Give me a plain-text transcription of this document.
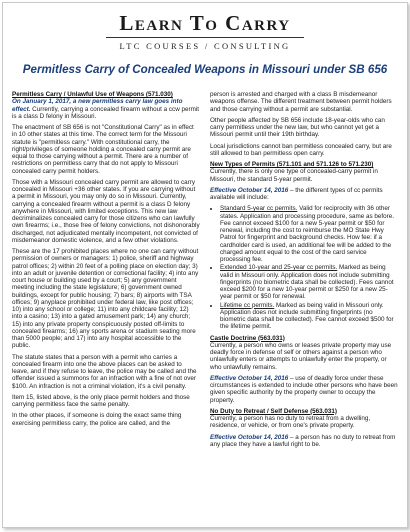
Learn To Carry
LTC COURSES / CONSULTING
Permitless Carry of Concealed Weapons in Missouri under SB 656

Permitless Carry / Unlawful Use of Weapons (571.030)
On January 1, 2017, a new permitless carry law goes into effect. Currently, carrying a concealed firearm without a ccw permit is a class D felony in Missouri.

The enactment of SB 656 is not "Constitutional Carry" as in effect in 10 other states at this time. The correct term for the Missouri statute is "permitless carry." With constitutional carry, the right/privileges of someone holding a concealed carry permit are equal to those carrying without a permit. There are a number of restrictions on permitless carry that do not apply to Missouri concealed carry permit holders.

Those with a Missouri concealed carry permit are allowed to carry concealed in Missouri +36 other states. If you are carrying without a permit in Missouri, you may only do so in Missouri. Currently, carrying a concealed firearm without a permit is a class D felony anywhere in Missouri, with limited exceptions. This new law decriminalizes concealed carry for those citizens who can lawfully own firearms; i.e., those free of felony convictions, not dishonorably discharged, not adjudicated mentally incompetent, not convicted of misdemeanor domestic violence, and a few other violations.

These are the 17 prohibited places where no one can carry without permission of owners or managers: 1) police, sheriff and highway patrol offices; 2) within 20 feet of a polling place on election day; 3) into an adult or juvenile detention or correctional facility; 4) into any court house or building used by a court; 5) any government meeting including the state legislature; 6) government owned buildings, except for public housing; 7) bars; 8) airports with TSA offices; 9) anyplace prohibited under federal law, like post offices; 10) into any school or college; 11) into any childcare facility; 12) into a casino; 13) into a gated amusement park; 14) any church; 15) into any private property conspicuously posted off-limits to concealed firearms; 16) any sports arena or stadium seating more than 5000 people; and 17) into any hospital accessible to the public.

The statute states that a person with a permit who carries a concealed firearm into one the above places can be asked to leave, and if they refuse to leave, the police may be called and the offender issued a summons for an infraction with a fine of not over $100. An infraction is not a criminal violation, it's a civil penalty.

Item 15, listed above, is the only place permit holders and those carrying permitless face the same penalty.

In the other places, if someone is doing the exact same thing exercising permitless carry, the police are called, and the

person is arrested and charged with a class B misdemeanor weapons offense. The different treatment between permit holders and those carrying without a permit are substantial.

Other people affected by SB 656 include 18-year-olds who can carry permitless under the new law, but who cannot yet get a Missouri permit until their 19th birthday.

Local jurisdictions cannot ban permitless concealed carry, but are still allowed to ban permitless open carry.

New Types of Permits (571.101 and 571.126 to 571.230)
Currently, there is only one type of concealed-carry permit in Missouri, the standard 5-year permit.

Effective October 14, 2016 – the different types of cc permits available will include:

• Standard 5-year cc permits. Valid for reciprocity with 36 other states. Application and processing procedure, same as before. Fee cannot exceed $100 for a new 5-year permit or $50 for renewal, including the cost to reimburse the MO State Hwy Patrol for fingerprint and background checks. How fee: if a cardholder card is used, an additional fee will be added to the charged amount equal to the cost of the card service processing fee.
• Extended 10-year and 25-year cc permits. Marked as being valid in Missouri only. Application does not include submitting fingerprints (no biometric data shall be collected). Fees cannot exceed $200 for a new 10-year permit or $250 for a new 25-year permit or $50 for renewal.
• Lifetime cc permits. Marked as being valid in Missouri only. Application does not include submitting fingerprints (no biometric data shall be collected). Fee cannot exceed $500 for the lifetime permit.

Castle Doctrine (563.031)
Currently, a person who owns or leases private property may use deadly force in defense of self or others against a person who unlawfully enters or attempts to unlawfully enter the property, or who unlawfully remains.

Effective October 14, 2016 – use of deadly force under these circumstances is extended to include other persons who have been given specific authority by the property owner to occupy the property.

No Duty to Retreat / Self Defense (563.031)
Currently, a person has no duty to retreat from a dwelling, residence, or vehicle, or from one's private property.

Effective October 14, 2016 – a person has no duty to retreat from any place they have a lawful right to be.
